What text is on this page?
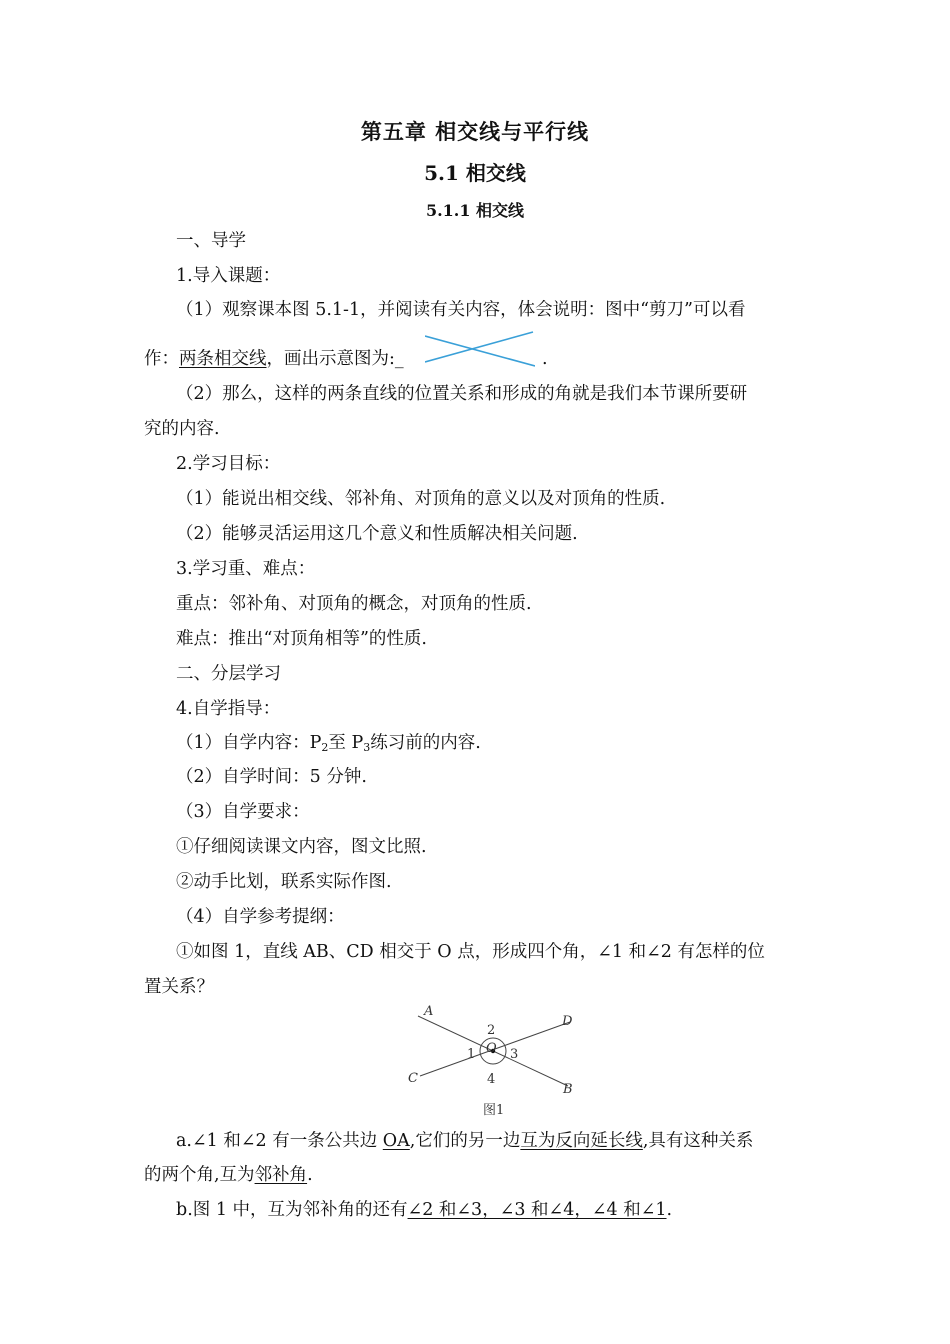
第五章 相交线与平行线
5.1 相交线
5.1.1 相交线
一、导学
1.导入课题：
（1）观察课本图 5.1-1，并阅读有关内容，体会说明：图中“剪刀”可以看
作：两条相交线，画出示意图为:_	.
（2）那么，这样的两条直线的位置关系和形成的角就是我们本节课所要研
究的内容.
2.学习目标：
（1）能说出相交线、邻补角、对顶角的意义以及对顶角的性质.
（2）能够灵活运用这几个意义和性质解决相关问题.
3.学习重、难点：
重点：邻补角、对顶角的概念，对顶角的性质.
难点：推出“对顶角相等”的性质.
二、分层学习
4.自学指导：
（1）自学内容：$P_2$至 $P_3$练习前的内容.
（2）自学时间：5 分钟.
（3）自学要求：
①仔细阅读课文内容，图文比照.
②动手比划，联系实际作图.
（4）自学参考提纲：
①如图 1，直线 AB、CD 相交于 O 点，形成四个角，∠1 和∠2 有怎样的位
置关系？
A
B
C
D
O
1
2
3
4
图1
a.∠1 和∠2 有一条公共边 OA,它们的另一边互为反向延长线,具有这种关系
的两个角,互为邻补角.
b.图 1 中，互为邻补角的还有∠2 和∠3，∠3 和∠4，∠4 和∠1.
